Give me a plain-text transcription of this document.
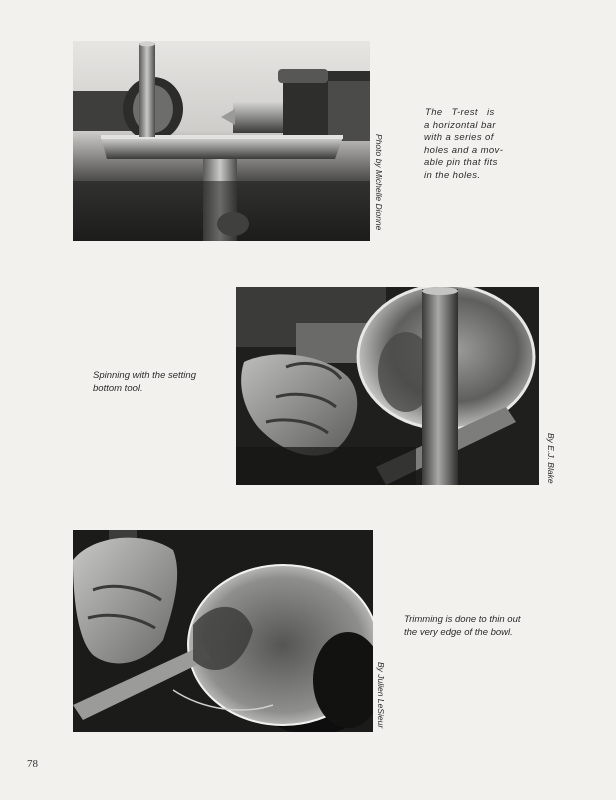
The T-rest is
a horizontal bar
with a series of
holes and a mov-
able pin that fits
in the holes.
Photo by Michelle Dionne
Spinning with the setting
bottom tool.
By E.J. Blake
Trimming is done to thin out
the very edge of the bowl.
By Julien LeSieur
78
